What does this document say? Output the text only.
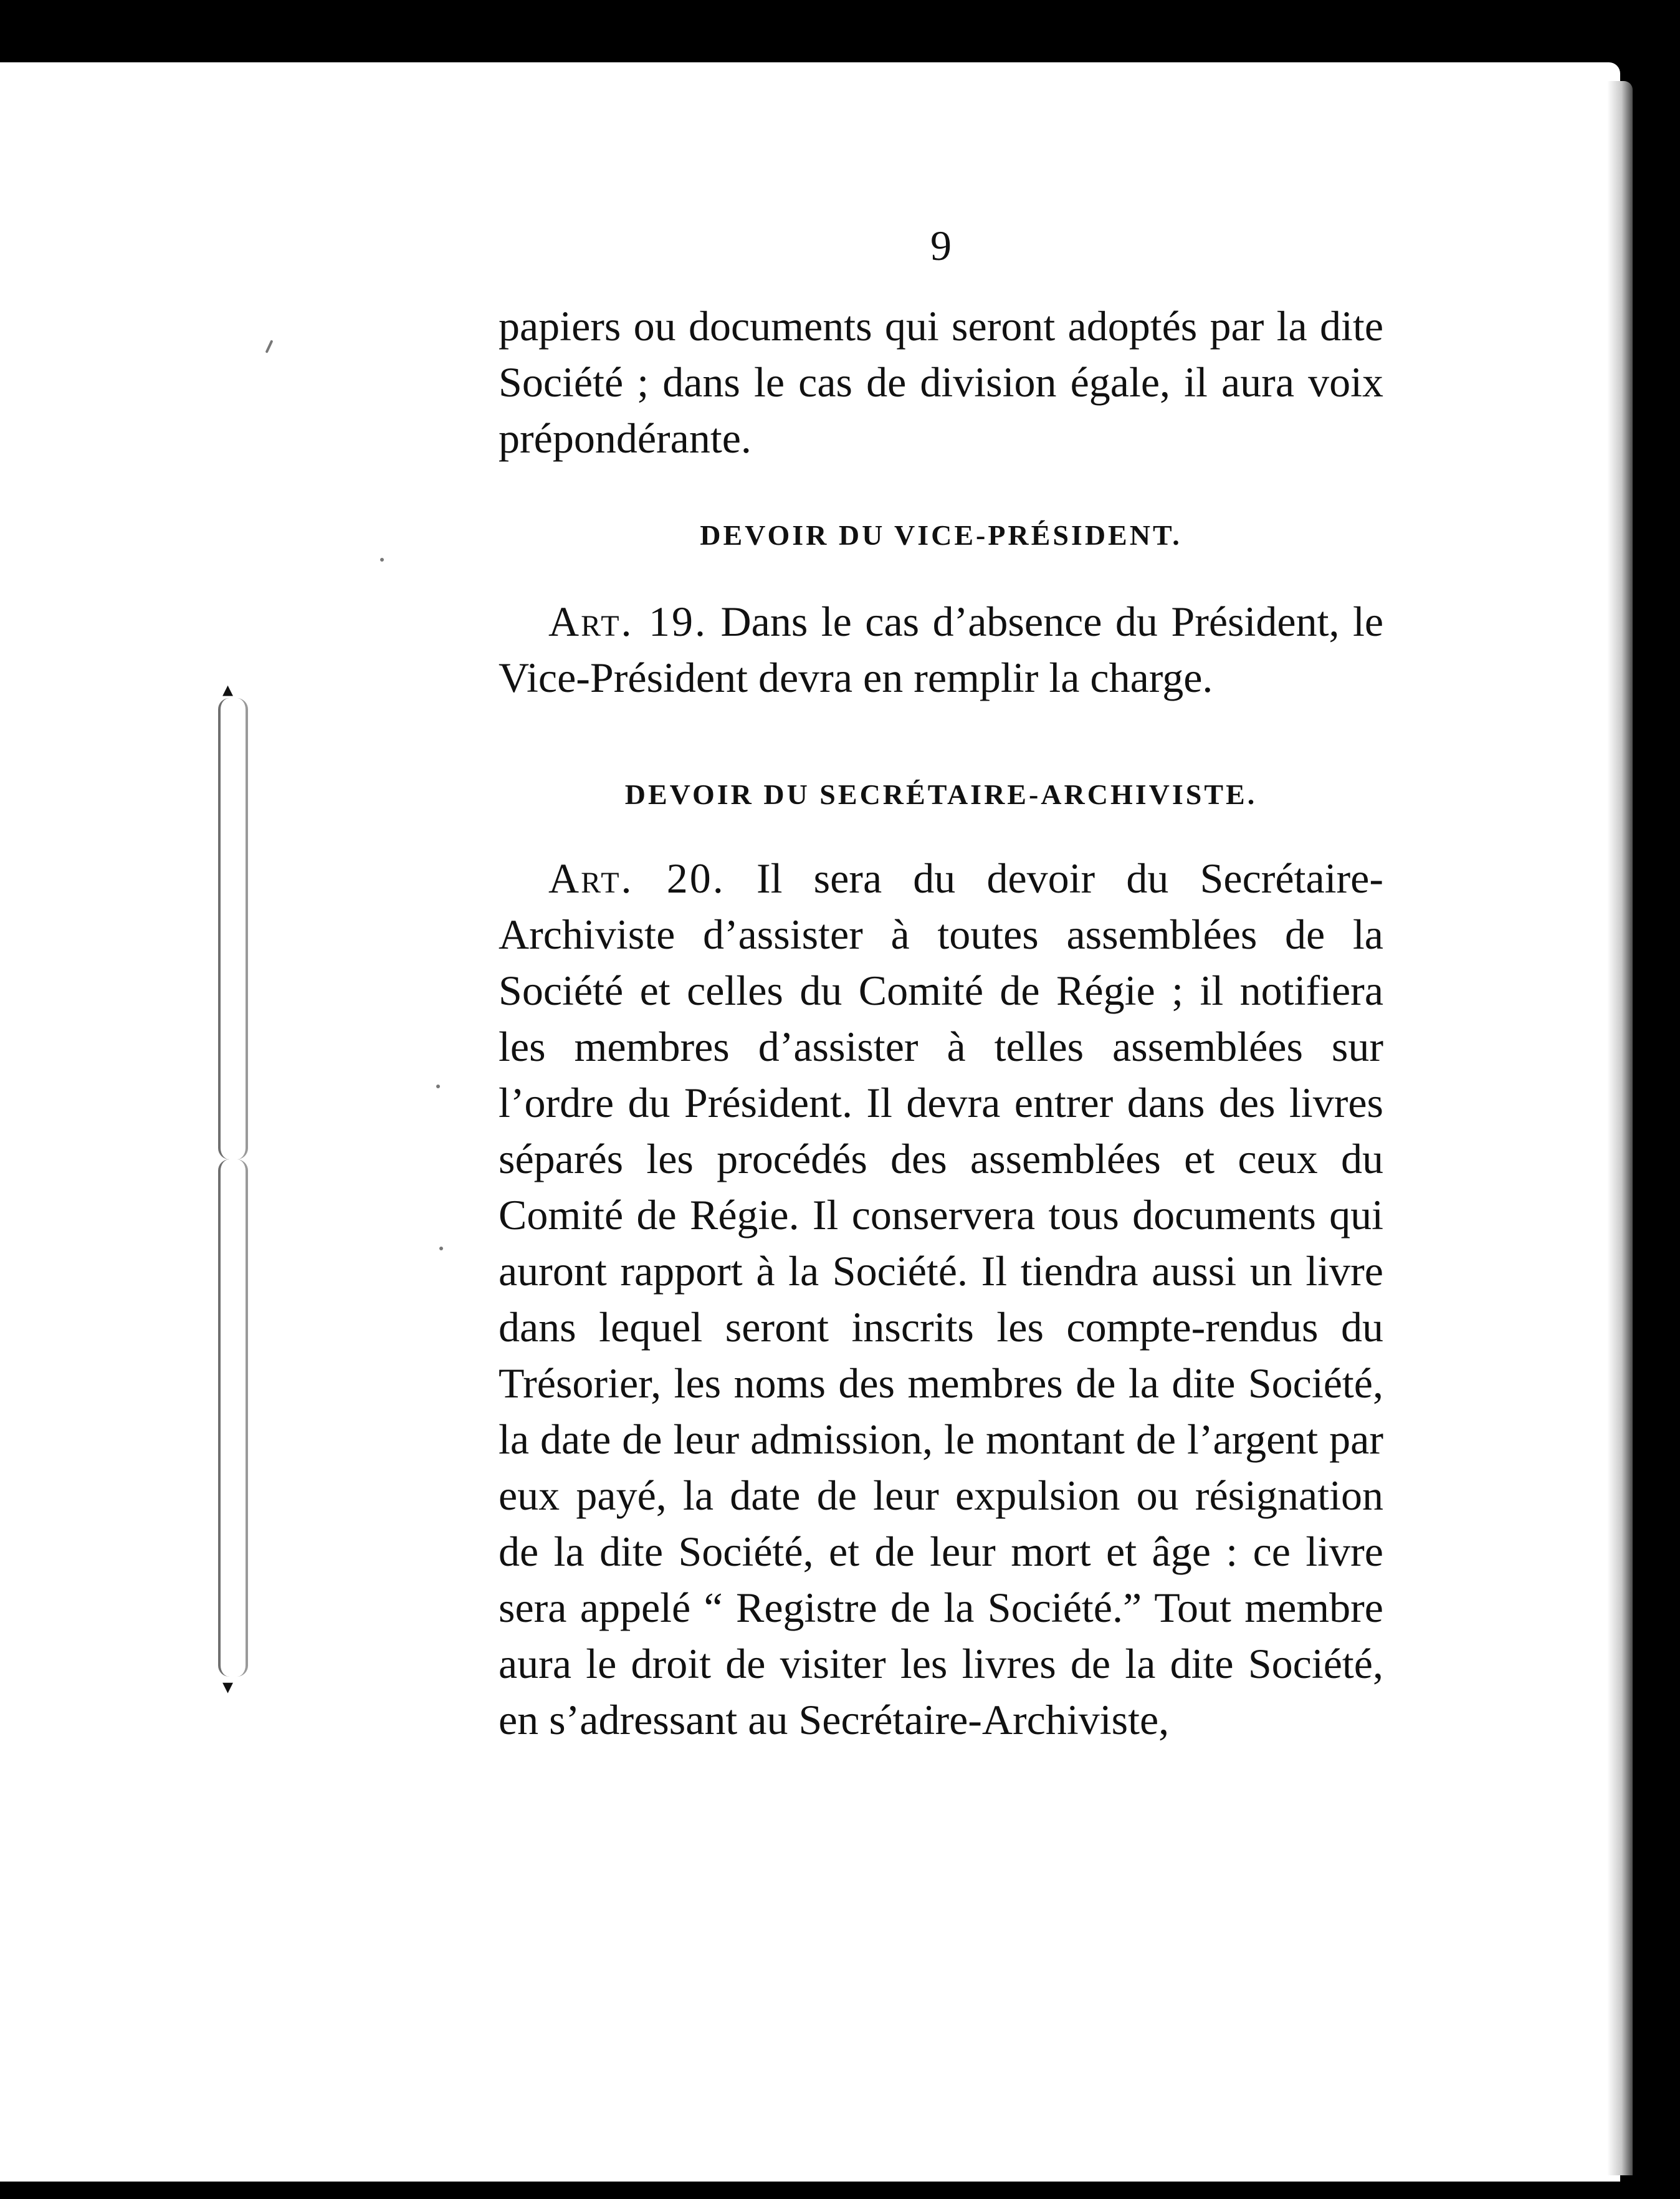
▴
▾
9

papiers ou documents qui seront adoptés par la dite Société ; dans le cas de division égale, il aura voix prépondérante.

DEVOIR DU VICE-PRÉSIDENT.

Art. 19. Dans le cas d’absence du Président, le Vice-Président devra en remplir la charge.

DEVOIR DU SECRÉTAIRE-ARCHIVISTE.

Art. 20. Il sera du devoir du Secrétaire-Archiviste d’assister à toutes assemblées de la Société et celles du Comité de Régie ; il notifiera les membres d’assister à telles assemblées sur l’ordre du Président. Il devra entrer dans des livres séparés les procédés des assemblées et ceux du Comité de Régie. Il conservera tous documents qui auront rapport à la Société. Il tiendra aussi un livre dans lequel seront inscrits les compte-rendus du Trésorier, les noms des membres de la dite Société, la date de leur admission, le montant de l’argent par eux payé, la date de leur expulsion ou résignation de la dite Société, et de leur mort et âge : ce livre sera appelé “ Registre de la Société.” Tout membre aura le droit de visiter les livres de la dite Société, en s’adressant au Secrétaire-Archiviste,
